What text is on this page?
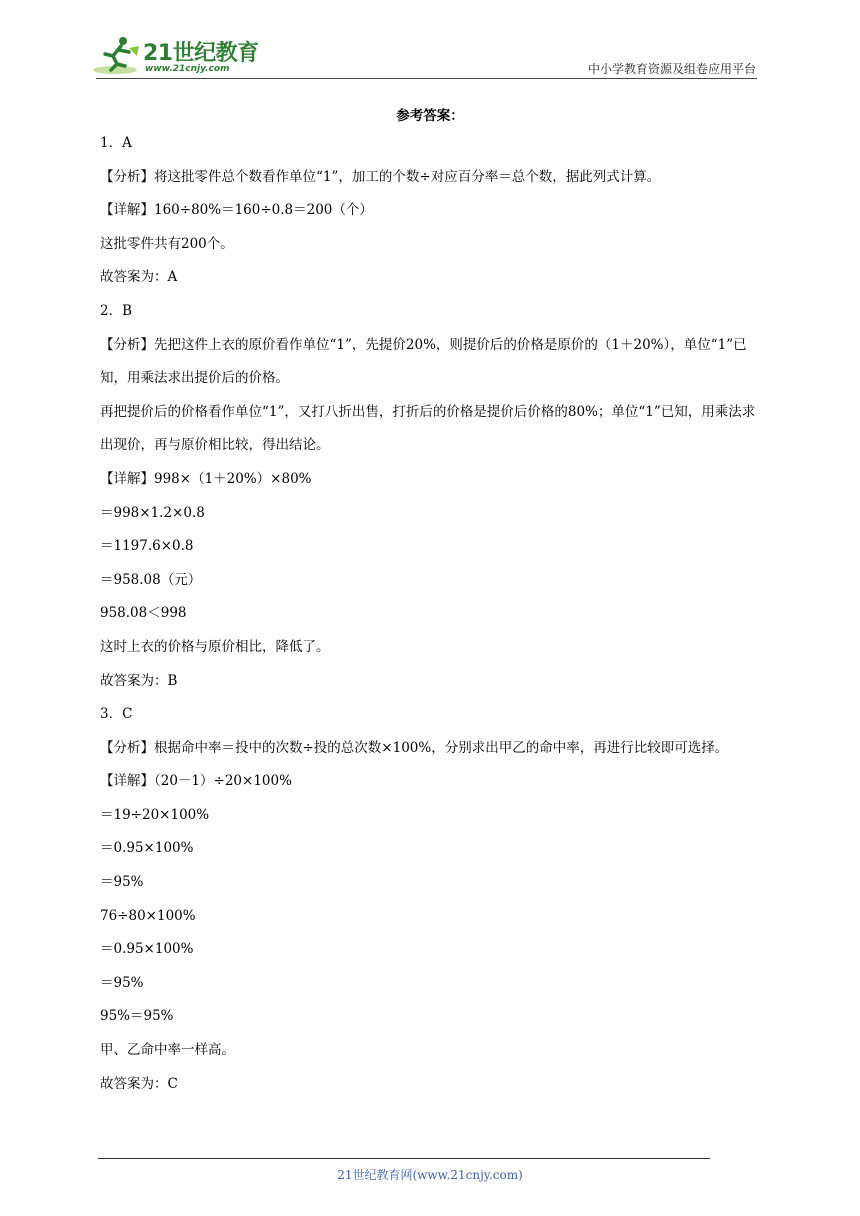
21世纪教育
www.21cnjy.com	中小学教育资源及组卷应用平台
参考答案：

1．A

【分析】将这批零件总个数看作单位“1”，加工的个数÷对应百分率＝总个数，据此列式计算。

【详解】160÷80%＝160÷0.8＝200（个）

这批零件共有200个。

故答案为：A

2．B

【分析】先把这件上衣的原价看作单位“1”，先提价20%，则提价后的价格是原价的（1＋20%），单位“1”已知，用乘法求出提价后的价格。

再把提价后的价格看作单位“1”，又打八折出售，打折后的价格是提价后价格的80%；单位“1”已知，用乘法求出现价，再与原价相比较，得出结论。

【详解】998×（1＋20%）×80%

＝998×1.2×0.8

＝1197.6×0.8

＝958.08（元）

958.08＜998

这时上衣的价格与原价相比，降低了。

故答案为：B

3．C

【分析】根据命中率＝投中的次数÷投的总次数×100%，分别求出甲乙的命中率，再进行比较即可选择。

【详解】（20－1）÷20×100%

＝19÷20×100%

＝0.95×100%

＝95%

76÷80×100%

＝0.95×100%

＝95%

95%＝95%

甲、乙命中率一样高。

故答案为：C

21世纪教育网(www.21cnjy.com)
